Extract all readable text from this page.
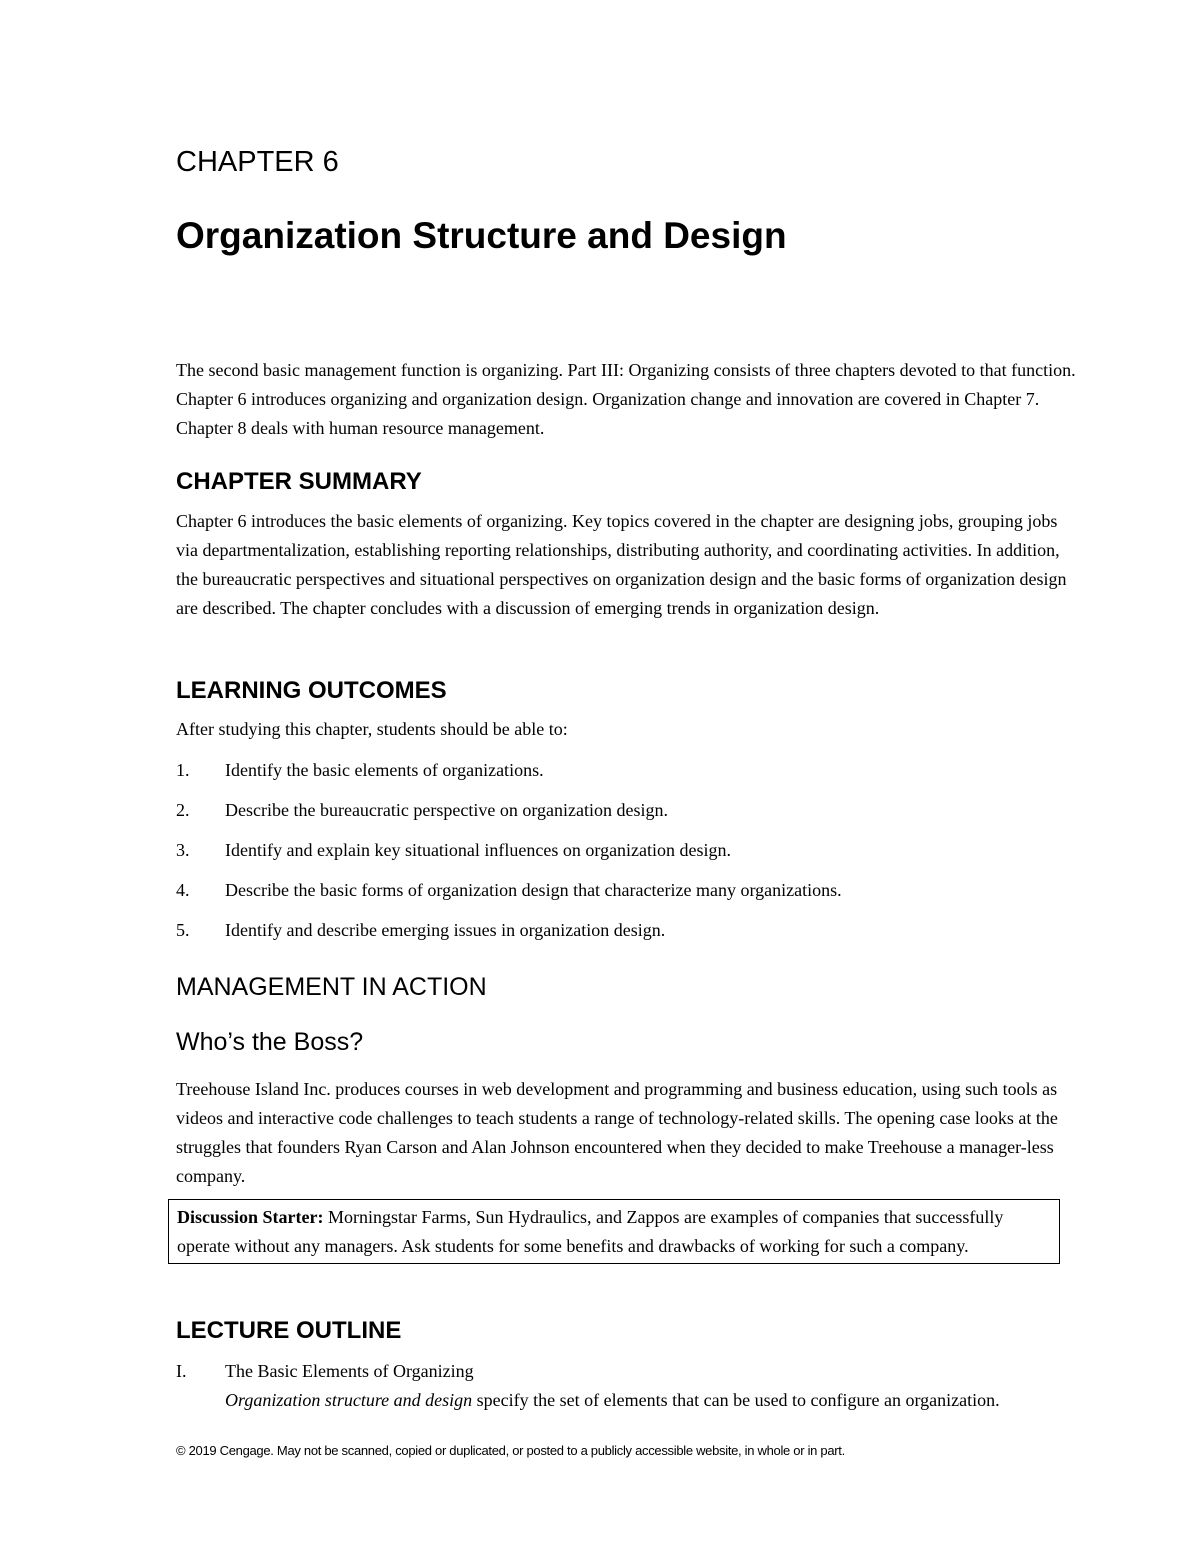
CHAPTER 6
Organization Structure and Design

The second basic management function is organizing. Part III: Organizing consists of three chapters devoted to that function. Chapter 6 introduces organizing and organization design. Organization change and innovation are covered in Chapter 7. Chapter 8 deals with human resource management.

CHAPTER SUMMARY

Chapter 6 introduces the basic elements of organizing. Key topics covered in the chapter are designing jobs, grouping jobs via departmentalization, establishing reporting relationships, distributing authority, and coordinating activities. In addition, the bureaucratic perspectives and situational perspectives on organization design and the basic forms of organization design are described. The chapter concludes with a discussion of emerging trends in organization design.

LEARNING OUTCOMES

After studying this chapter, students should be able to:

1. Identify the basic elements of organizations.
2. Describe the bureaucratic perspective on organization design.
3. Identify and explain key situational influences on organization design.
4. Describe the basic forms of organization design that characterize many organizations.
5. Identify and describe emerging issues in organization design.
MANAGEMENT IN ACTION
Who’s the Boss?

Treehouse Island Inc. produces courses in web development and programming and business education, using such tools as videos and interactive code challenges to teach students a range of technology-related skills. The opening case looks at the struggles that founders Ryan Carson and Alan Johnson encountered when they decided to make Treehouse a manager-less company.

Discussion Starter: Morningstar Farms, Sun Hydraulics, and Zappos are examples of companies that successfully operate without any managers. Ask students for some benefits and drawbacks of working for such a company.
LECTURE OUTLINE
I. The Basic Elements of Organizing
Organization structure and design specify the set of elements that can be used to configure an organization.
© 2019 Cengage. May not be scanned, copied or duplicated, or posted to a publicly accessible website, in whole or in part.
